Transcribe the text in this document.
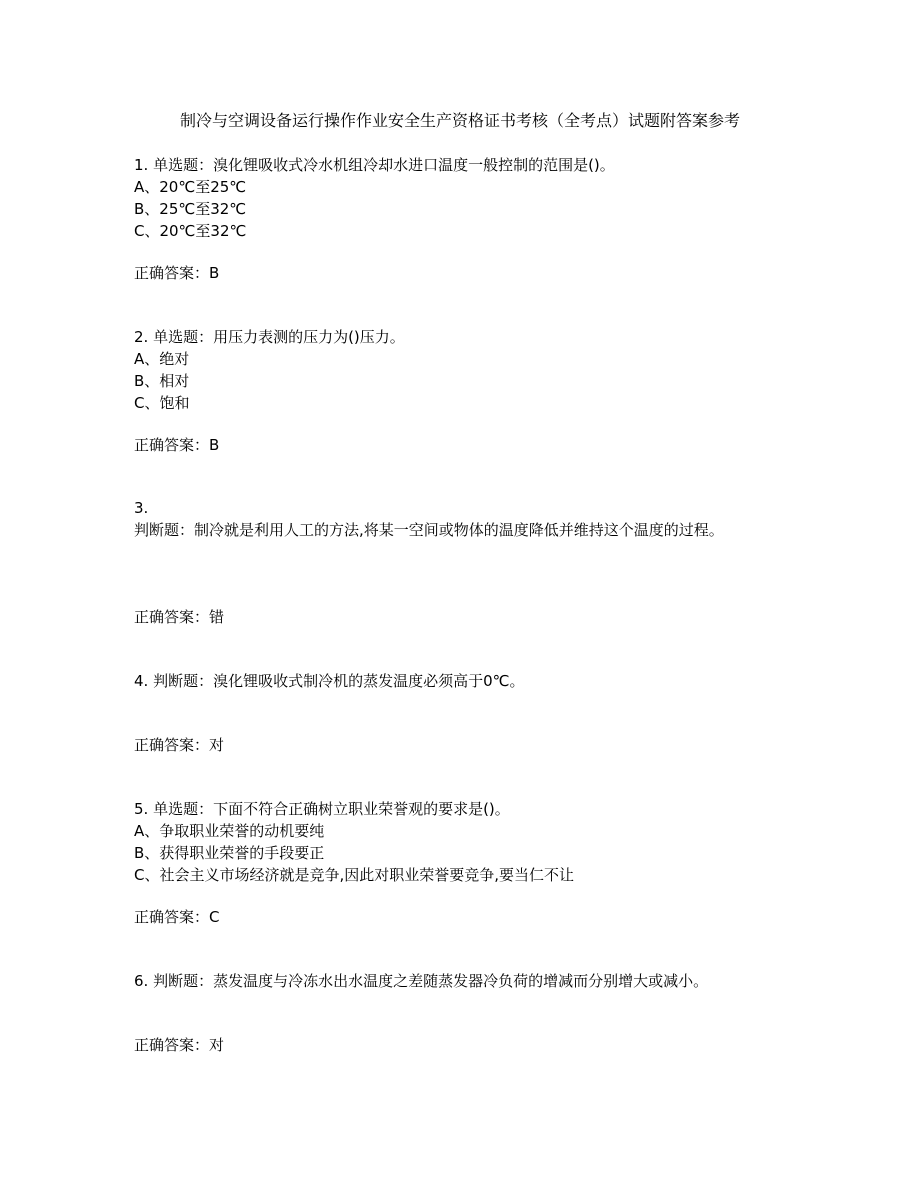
制冷与空调设备运行操作作业安全生产资格证书考核（全考点）试题附答案参考
1. 单选题：溴化锂吸收式冷水机组冷却水进口温度一般控制的范围是()。
A、20℃至25℃
B、25℃至32℃
C、20℃至32℃
正确答案：B
2. 单选题：用压力表测的压力为()压力。
A、绝对
B、相对
C、饱和
正确答案：B
3.
判断题：制冷就是利用人工的方法,将某一空间或物体的温度降低并维持这个温度的过程。
正确答案：错
4. 判断题：溴化锂吸收式制冷机的蒸发温度必须高于0℃。
正确答案：对
5. 单选题：下面不符合正确树立职业荣誉观的要求是()。
A、争取职业荣誉的动机要纯
B、获得职业荣誉的手段要正
C、社会主义市场经济就是竞争,因此对职业荣誉要竞争,要当仁不让
正确答案：C
6. 判断题：蒸发温度与冷冻水出水温度之差随蒸发器冷负荷的增减而分别增大或减小。
正确答案：对
